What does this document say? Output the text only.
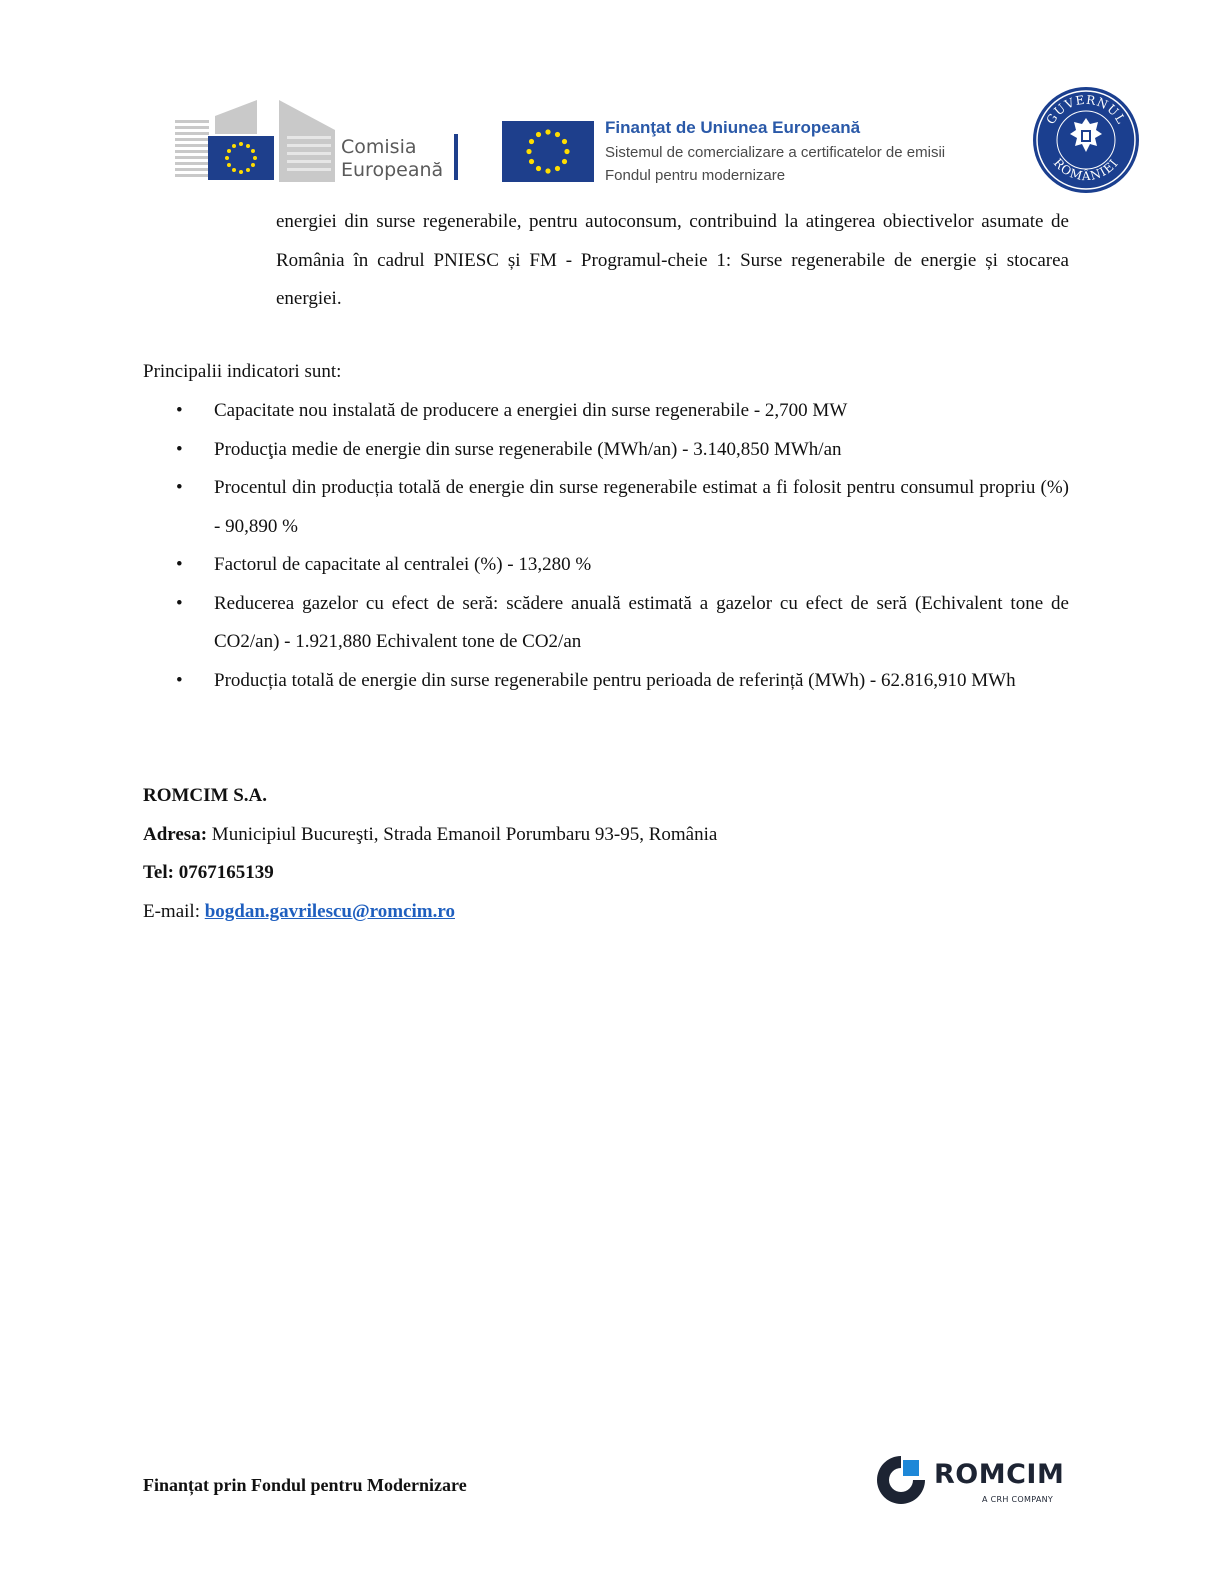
Comisia
Europeană
Finanţat de Uniunea Europeană
Sistemul de comercializare a certificatelor de emisii
Fondul pentru modernizare
GUVERNUL
ROMÂNIEI

energiei din surse regenerabile, pentru autoconsum, contribuind la atingerea obiectivelor asumate de România în cadrul PNIESC și FM - Programul-cheie 1: Surse regenerabile de energie și stocarea energiei.

Principalii indicatori sunt:

• Capacitate nou instalată de producere a energiei din surse regenerabile - 2,700 MW
• Producţia medie de energie din surse regenerabile (MWh/an) - 3.140,850 MWh/an
• Procentul din producția totală de energie din surse regenerabile estimat a fi folosit pentru consumul propriu (%) - 90,890 %
• Factorul de capacitate al centralei (%) - 13,280 %
• Reducerea gazelor cu efect de seră: scădere anuală estimată a gazelor cu efect de seră (Echivalent tone de CO2/an) - 1.921,880 Echivalent tone de CO2/an
• Producția totală de energie din surse regenerabile pentru perioada de referință (MWh) - 62.816,910 MWh
ROMCIM S.A.
Adresa: Municipiul Bucureşti, Strada Emanoil Porumbaru 93-95, România
Tel: 0767165139
E-mail: bogdan.gavrilescu@romcim.ro
Finanțat prin Fondul pentru Modernizare	ROMCIM
A CRH COMPANY
